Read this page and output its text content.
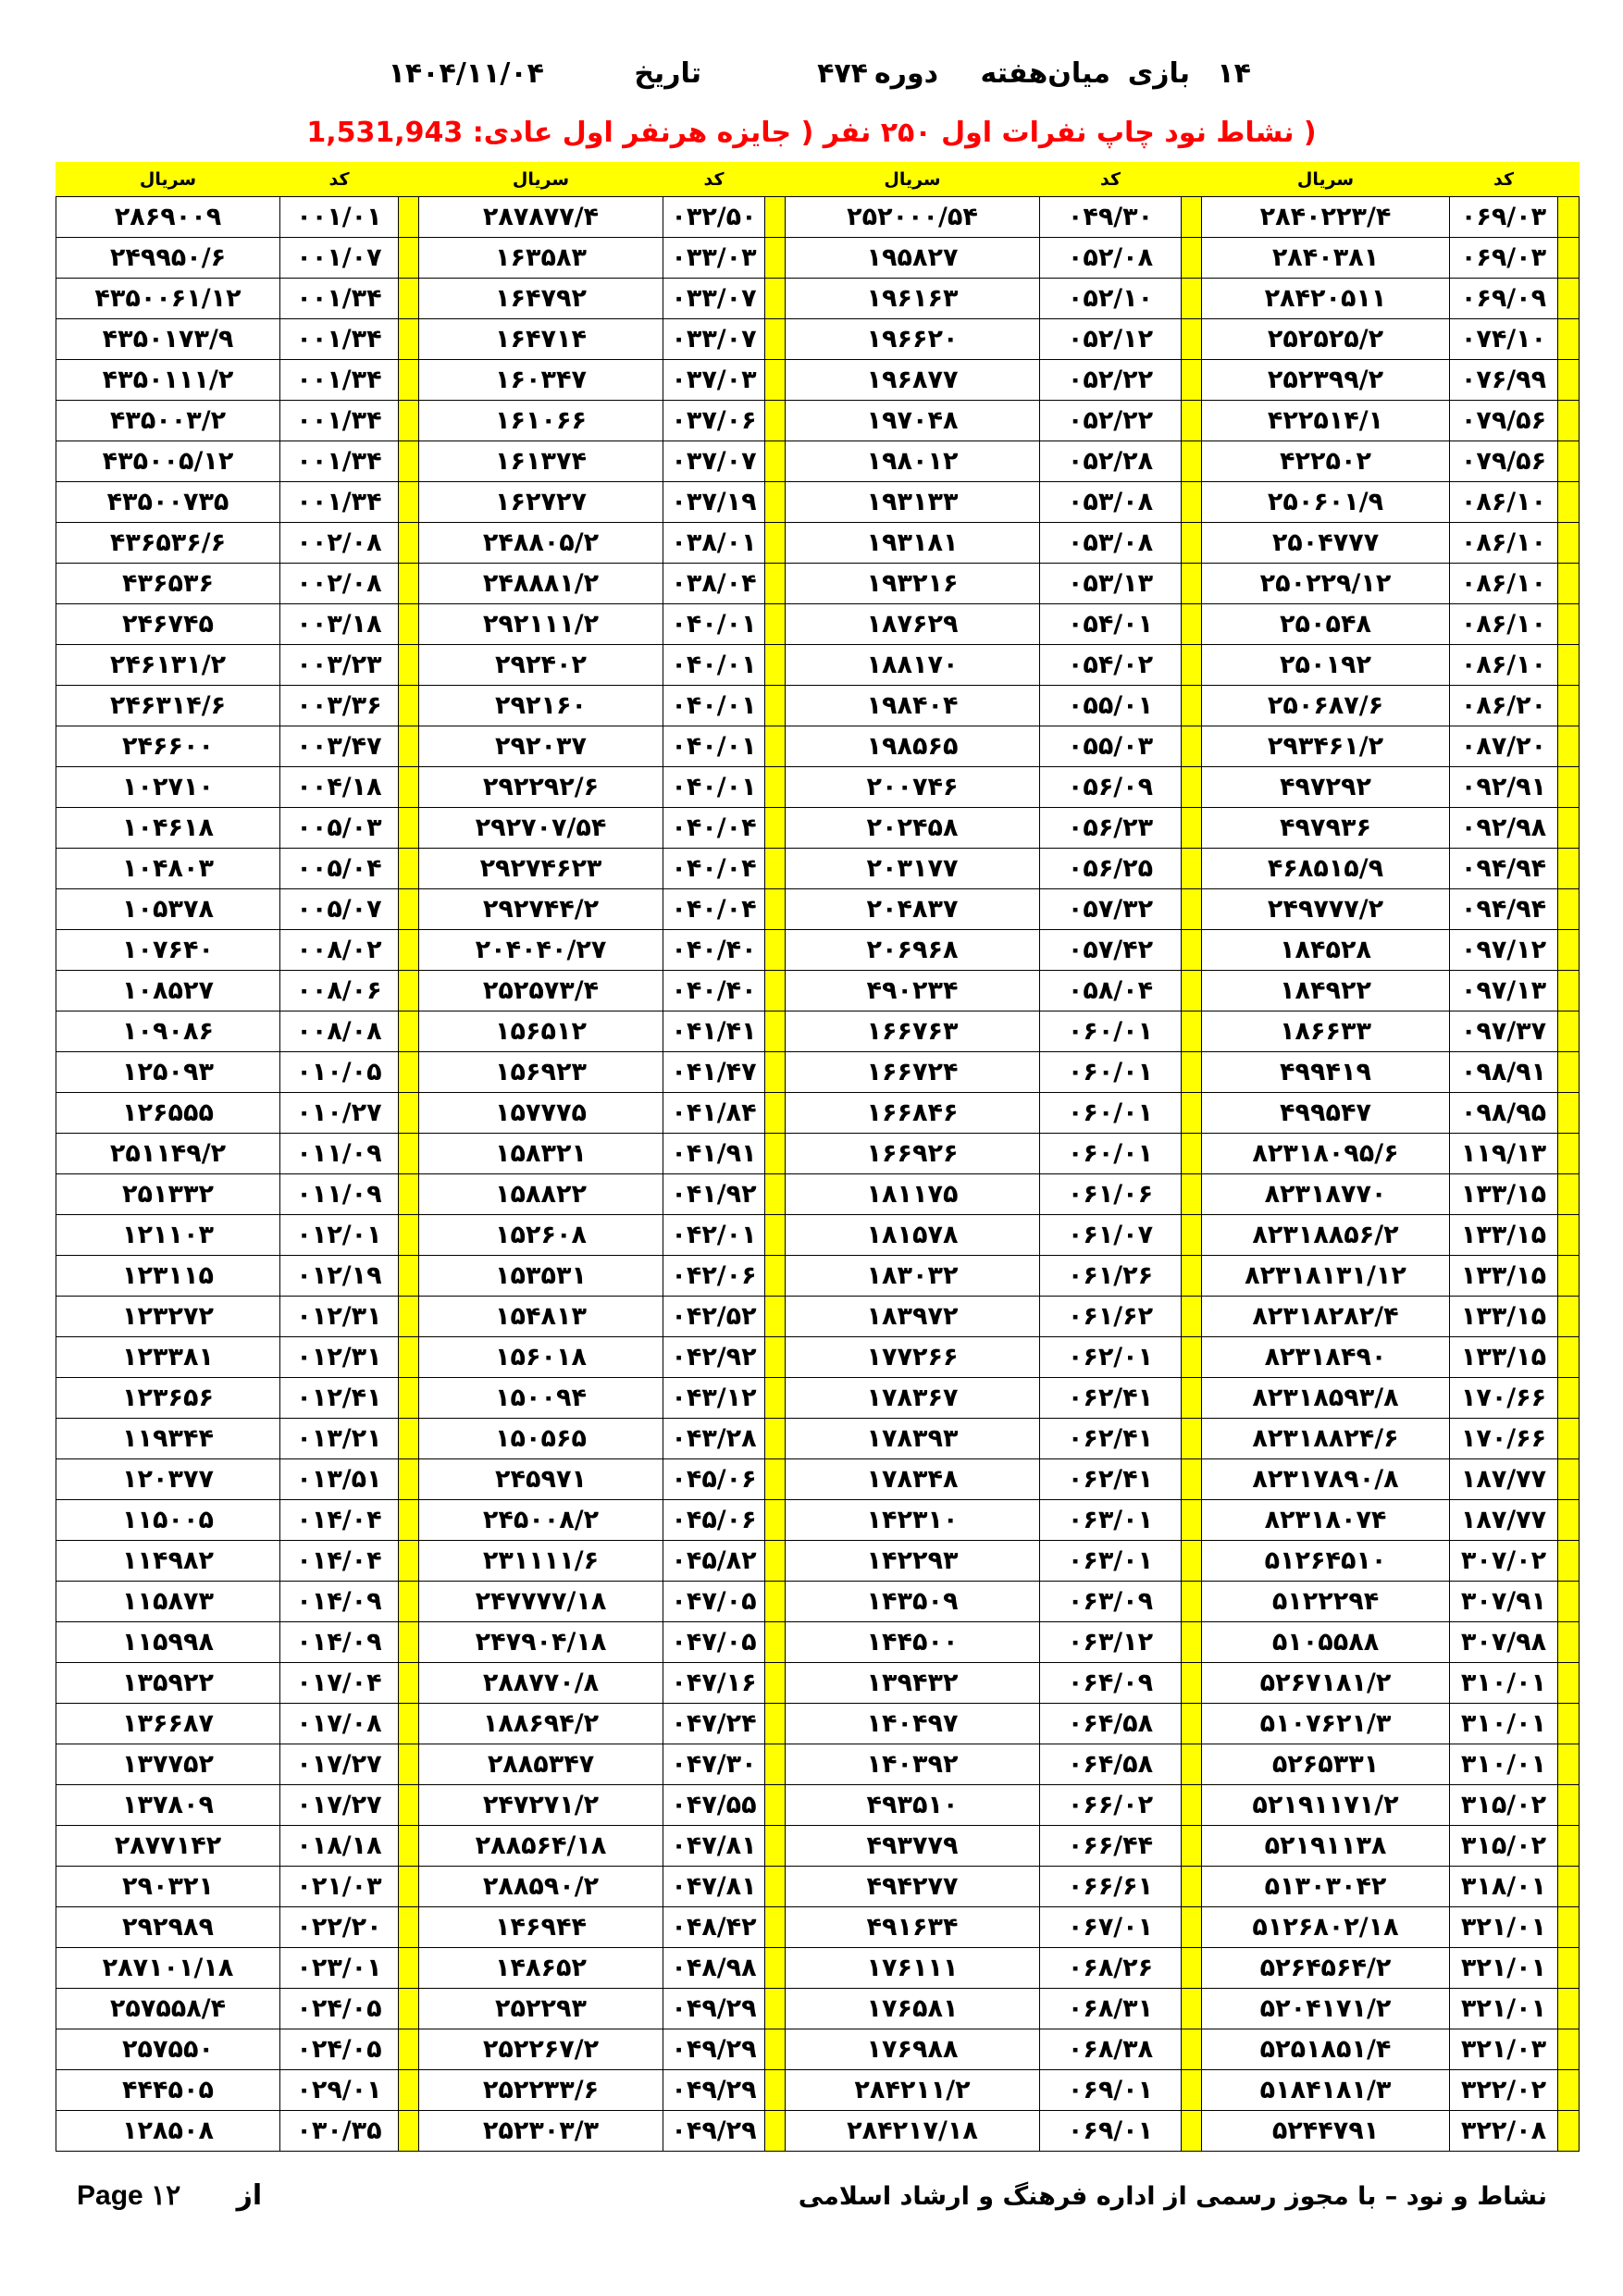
۱۴
بازی
میان‌هفته
دوره
۴۷۴
تاریخ
۱۴۰۴/۱۱/۰۴
( نشاط نود چاپ نفرات اول ۲۵۰ نفر ( جایزه هرنفر اول عادی: 1,531,943
سریال	کد		سریال	کد		سریال	کد		سریال	کد	
۲۸۶۹۰۰۹	۰۰۱/۰۱		۲۸۷۸۷۷/۴	۰۳۲/۵۰		۲۵۲۰۰۰/۵۴	۰۴۹/۳۰		۲۸۴۰۲۲۳/۴	۰۶۹/۰۳	
۲۴۹۹۵۰/۶	۰۰۱/۰۷		۱۶۳۵۸۳	۰۳۳/۰۳		۱۹۵۸۲۷	۰۵۲/۰۸		۲۸۴۰۳۸۱	۰۶۹/۰۳	
۴۳۵۰۰۶۱/۱۲	۰۰۱/۳۴		۱۶۴۷۹۲	۰۳۳/۰۷		۱۹۶۱۶۳	۰۵۲/۱۰		۲۸۴۲۰۵۱۱	۰۶۹/۰۹	
۴۳۵۰۱۷۳/۹	۰۰۱/۳۴		۱۶۴۷۱۴	۰۳۳/۰۷		۱۹۶۶۲۰	۰۵۲/۱۲		۲۵۲۵۲۵/۲	۰۷۴/۱۰	
۴۳۵۰۱۱۱/۲	۰۰۱/۳۴		۱۶۰۳۴۷	۰۳۷/۰۳		۱۹۶۸۷۷	۰۵۲/۲۲		۲۵۲۳۹۹/۲	۰۷۶/۹۹	
۴۳۵۰۰۳/۲	۰۰۱/۳۴		۱۶۱۰۶۶	۰۳۷/۰۶		۱۹۷۰۴۸	۰۵۲/۲۲		۴۲۲۵۱۴/۱	۰۷۹/۵۶	
۴۳۵۰۰۵/۱۲	۰۰۱/۳۴		۱۶۱۳۷۴	۰۳۷/۰۷		۱۹۸۰۱۲	۰۵۲/۲۸		۴۲۲۵۰۲	۰۷۹/۵۶	
۴۳۵۰۰۷۳۵	۰۰۱/۳۴		۱۶۲۷۲۷	۰۳۷/۱۹		۱۹۳۱۳۳	۰۵۳/۰۸		۲۵۰۶۰۱/۹	۰۸۶/۱۰	
۴۳۶۵۳۶/۶	۰۰۲/۰۸		۲۴۸۸۰۵/۲	۰۳۸/۰۱		۱۹۳۱۸۱	۰۵۳/۰۸		۲۵۰۴۷۷۷	۰۸۶/۱۰	
۴۳۶۵۳۶	۰۰۲/۰۸		۲۴۸۸۸۱/۲	۰۳۸/۰۴		۱۹۳۲۱۶	۰۵۳/۱۳		۲۵۰۲۲۹/۱۲	۰۸۶/۱۰	
۲۴۶۷۴۵	۰۰۳/۱۸		۲۹۲۱۱۱/۲	۰۴۰/۰۱		۱۸۷۶۲۹	۰۵۴/۰۱		۲۵۰۵۴۸	۰۸۶/۱۰	
۲۴۶۱۳۱/۲	۰۰۳/۲۳		۲۹۲۴۰۲	۰۴۰/۰۱		۱۸۸۱۷۰	۰۵۴/۰۲		۲۵۰۱۹۲	۰۸۶/۱۰	
۲۴۶۳۱۴/۶	۰۰۳/۳۶		۲۹۲۱۶۰	۰۴۰/۰۱		۱۹۸۴۰۴	۰۵۵/۰۱		۲۵۰۶۸۷/۶	۰۸۶/۲۰	
۲۴۶۶۰۰	۰۰۳/۴۷		۲۹۲۰۳۷	۰۴۰/۰۱		۱۹۸۵۶۵	۰۵۵/۰۳		۲۹۳۴۶۱/۲	۰۸۷/۲۰	
۱۰۲۷۱۰	۰۰۴/۱۸		۲۹۲۲۹۲/۶	۰۴۰/۰۱		۲۰۰۷۴۶	۰۵۶/۰۹		۴۹۷۲۹۲	۰۹۲/۹۱	
۱۰۴۶۱۸	۰۰۵/۰۳		۲۹۲۷۰۷/۵۴	۰۴۰/۰۴		۲۰۲۴۵۸	۰۵۶/۲۳		۴۹۷۹۳۶	۰۹۲/۹۸	
۱۰۴۸۰۳	۰۰۵/۰۴		۲۹۲۷۴۶۲۳	۰۴۰/۰۴		۲۰۳۱۷۷	۰۵۶/۲۵		۴۶۸۵۱۵/۹	۰۹۴/۹۴	
۱۰۵۳۷۸	۰۰۵/۰۷		۲۹۲۷۴۴/۲	۰۴۰/۰۴		۲۰۴۸۳۷	۰۵۷/۳۲		۲۴۹۷۷۷/۲	۰۹۴/۹۴	
۱۰۷۶۴۰	۰۰۸/۰۲		۲۰۴۰۴۰/۲۷	۰۴۰/۴۰		۲۰۶۹۶۸	۰۵۷/۴۲		۱۸۴۵۲۸	۰۹۷/۱۲	
۱۰۸۵۲۷	۰۰۸/۰۶		۲۵۲۵۷۳/۴	۰۴۰/۴۰		۴۹۰۲۳۴	۰۵۸/۰۴		۱۸۴۹۲۲	۰۹۷/۱۳	
۱۰۹۰۸۶	۰۰۸/۰۸		۱۵۶۵۱۲	۰۴۱/۴۱		۱۶۶۷۶۳	۰۶۰/۰۱		۱۸۶۶۳۳	۰۹۷/۳۷	
۱۲۵۰۹۳	۰۱۰/۰۵		۱۵۶۹۲۳	۰۴۱/۴۷		۱۶۶۷۲۴	۰۶۰/۰۱		۴۹۹۴۱۹	۰۹۸/۹۱	
۱۲۶۵۵۵	۰۱۰/۲۷		۱۵۷۷۷۵	۰۴۱/۸۴		۱۶۶۸۴۶	۰۶۰/۰۱		۴۹۹۵۴۷	۰۹۸/۹۵	
۲۵۱۱۴۹/۲	۰۱۱/۰۹		۱۵۸۳۲۱	۰۴۱/۹۱		۱۶۶۹۲۶	۰۶۰/۰۱		۸۲۳۱۸۰۹۵/۶	۱۱۹/۱۳	
۲۵۱۳۳۲	۰۱۱/۰۹		۱۵۸۸۲۲	۰۴۱/۹۲		۱۸۱۱۷۵	۰۶۱/۰۶		۸۲۳۱۸۷۷۰	۱۳۳/۱۵	
۱۲۱۱۰۳	۰۱۲/۰۱		۱۵۲۶۰۸	۰۴۲/۰۱		۱۸۱۵۷۸	۰۶۱/۰۷		۸۲۳۱۸۸۵۶/۲	۱۳۳/۱۵	
۱۲۳۱۱۵	۰۱۲/۱۹		۱۵۳۵۳۱	۰۴۲/۰۶		۱۸۳۰۳۲	۰۶۱/۲۶		۸۲۳۱۸۱۳۱/۱۲	۱۳۳/۱۵	
۱۲۳۲۷۲	۰۱۲/۳۱		۱۵۴۸۱۳	۰۴۲/۵۲		۱۸۳۹۷۲	۰۶۱/۶۲		۸۲۳۱۸۲۸۲/۴	۱۳۳/۱۵	
۱۲۳۳۸۱	۰۱۲/۳۱		۱۵۶۰۱۸	۰۴۲/۹۲		۱۷۷۲۶۶	۰۶۲/۰۱		۸۲۳۱۸۴۹۰	۱۳۳/۱۵	
۱۲۳۶۵۶	۰۱۲/۴۱		۱۵۰۰۹۴	۰۴۳/۱۲		۱۷۸۳۶۷	۰۶۲/۴۱		۸۲۳۱۸۵۹۳/۸	۱۷۰/۶۶	
۱۱۹۳۴۴	۰۱۳/۲۱		۱۵۰۵۶۵	۰۴۳/۲۸		۱۷۸۳۹۳	۰۶۲/۴۱		۸۲۳۱۸۸۲۴/۶	۱۷۰/۶۶	
۱۲۰۳۷۷	۰۱۳/۵۱		۲۴۵۹۷۱	۰۴۵/۰۶		۱۷۸۳۴۸	۰۶۲/۴۱		۸۲۳۱۷۸۹۰/۸	۱۸۷/۷۷	
۱۱۵۰۰۵	۰۱۴/۰۴		۲۴۵۰۰۸/۲	۰۴۵/۰۶		۱۴۲۳۱۰	۰۶۳/۰۱		۸۲۳۱۸۰۷۴	۱۸۷/۷۷	
۱۱۴۹۸۲	۰۱۴/۰۴		۲۳۱۱۱۱/۶	۰۴۵/۸۲		۱۴۲۲۹۳	۰۶۳/۰۱		۵۱۲۶۴۵۱۰	۳۰۷/۰۲	
۱۱۵۸۷۳	۰۱۴/۰۹		۲۴۷۷۷۷/۱۸	۰۴۷/۰۵		۱۴۳۵۰۹	۰۶۳/۰۹		۵۱۲۲۲۹۴	۳۰۷/۹۱	
۱۱۵۹۹۸	۰۱۴/۰۹		۲۴۷۹۰۴/۱۸	۰۴۷/۰۵		۱۴۴۵۰۰	۰۶۳/۱۲		۵۱۰۵۵۸۸	۳۰۷/۹۸	
۱۳۵۹۲۲	۰۱۷/۰۴		۲۸۸۷۷۰/۸	۰۴۷/۱۶		۱۳۹۴۳۲	۰۶۴/۰۹		۵۲۶۷۱۸۱/۲	۳۱۰/۰۱	
۱۳۶۶۸۷	۰۱۷/۰۸		۱۸۸۶۹۴/۲	۰۴۷/۲۴		۱۴۰۴۹۷	۰۶۴/۵۸		۵۱۰۷۶۲۱/۳	۳۱۰/۰۱	
۱۳۷۷۵۲	۰۱۷/۲۷		۲۸۸۵۳۴۷	۰۴۷/۳۰		۱۴۰۳۹۲	۰۶۴/۵۸		۵۲۶۵۳۳۱	۳۱۰/۰۱	
۱۳۷۸۰۹	۰۱۷/۲۷		۲۴۷۲۷۱/۲	۰۴۷/۵۵		۴۹۳۵۱۰	۰۶۶/۰۲		۵۲۱۹۱۱۷۱/۲	۳۱۵/۰۲	
۲۸۷۷۱۴۲	۰۱۸/۱۸		۲۸۸۵۶۴/۱۸	۰۴۷/۸۱		۴۹۳۷۷۹	۰۶۶/۴۴		۵۲۱۹۱۱۳۸	۳۱۵/۰۲	
۲۹۰۳۲۱	۰۲۱/۰۳		۲۸۸۵۹۰/۲	۰۴۷/۸۱		۴۹۴۲۷۷	۰۶۶/۶۱		۵۱۳۰۳۰۴۲	۳۱۸/۰۱	
۲۹۲۹۸۹	۰۲۲/۲۰		۱۴۶۹۴۴	۰۴۸/۴۲		۴۹۱۶۳۴	۰۶۷/۰۱		۵۱۲۶۸۰۲/۱۸	۳۲۱/۰۱	
۲۸۷۱۰۱/۱۸	۰۲۳/۰۱		۱۴۸۶۵۲	۰۴۸/۹۸		۱۷۶۱۱۱	۰۶۸/۲۶		۵۲۶۴۵۶۴/۲	۳۲۱/۰۱	
۲۵۷۵۵۸/۴	۰۲۴/۰۵		۲۵۲۲۹۳	۰۴۹/۲۹		۱۷۶۵۸۱	۰۶۸/۳۱		۵۲۰۴۱۷۱/۲	۳۲۱/۰۱	
۲۵۷۵۵۰	۰۲۴/۰۵		۲۵۲۲۶۷/۲	۰۴۹/۲۹		۱۷۶۹۸۸	۰۶۸/۳۸		۵۲۵۱۸۵۱/۴	۳۲۱/۰۳	
۴۴۴۵۰۵	۰۲۹/۰۱		۲۵۲۲۳۳/۶	۰۴۹/۲۹		۲۸۴۲۱۱/۲	۰۶۹/۰۱		۵۱۸۴۱۸۱/۳	۳۲۲/۰۲	
۱۲۸۵۰۸	۰۳۰/۳۵		۲۵۲۳۰۳/۳	۰۴۹/۲۹		۲۸۴۲۱۷/۱۸	۰۶۹/۰۱		۵۲۴۴۷۹۱	۳۲۲/۰۸	
Page ۱۲ از	نشاط و نود – با مجوز رسمی از اداره فرهنگ و ارشاد اسلامی
